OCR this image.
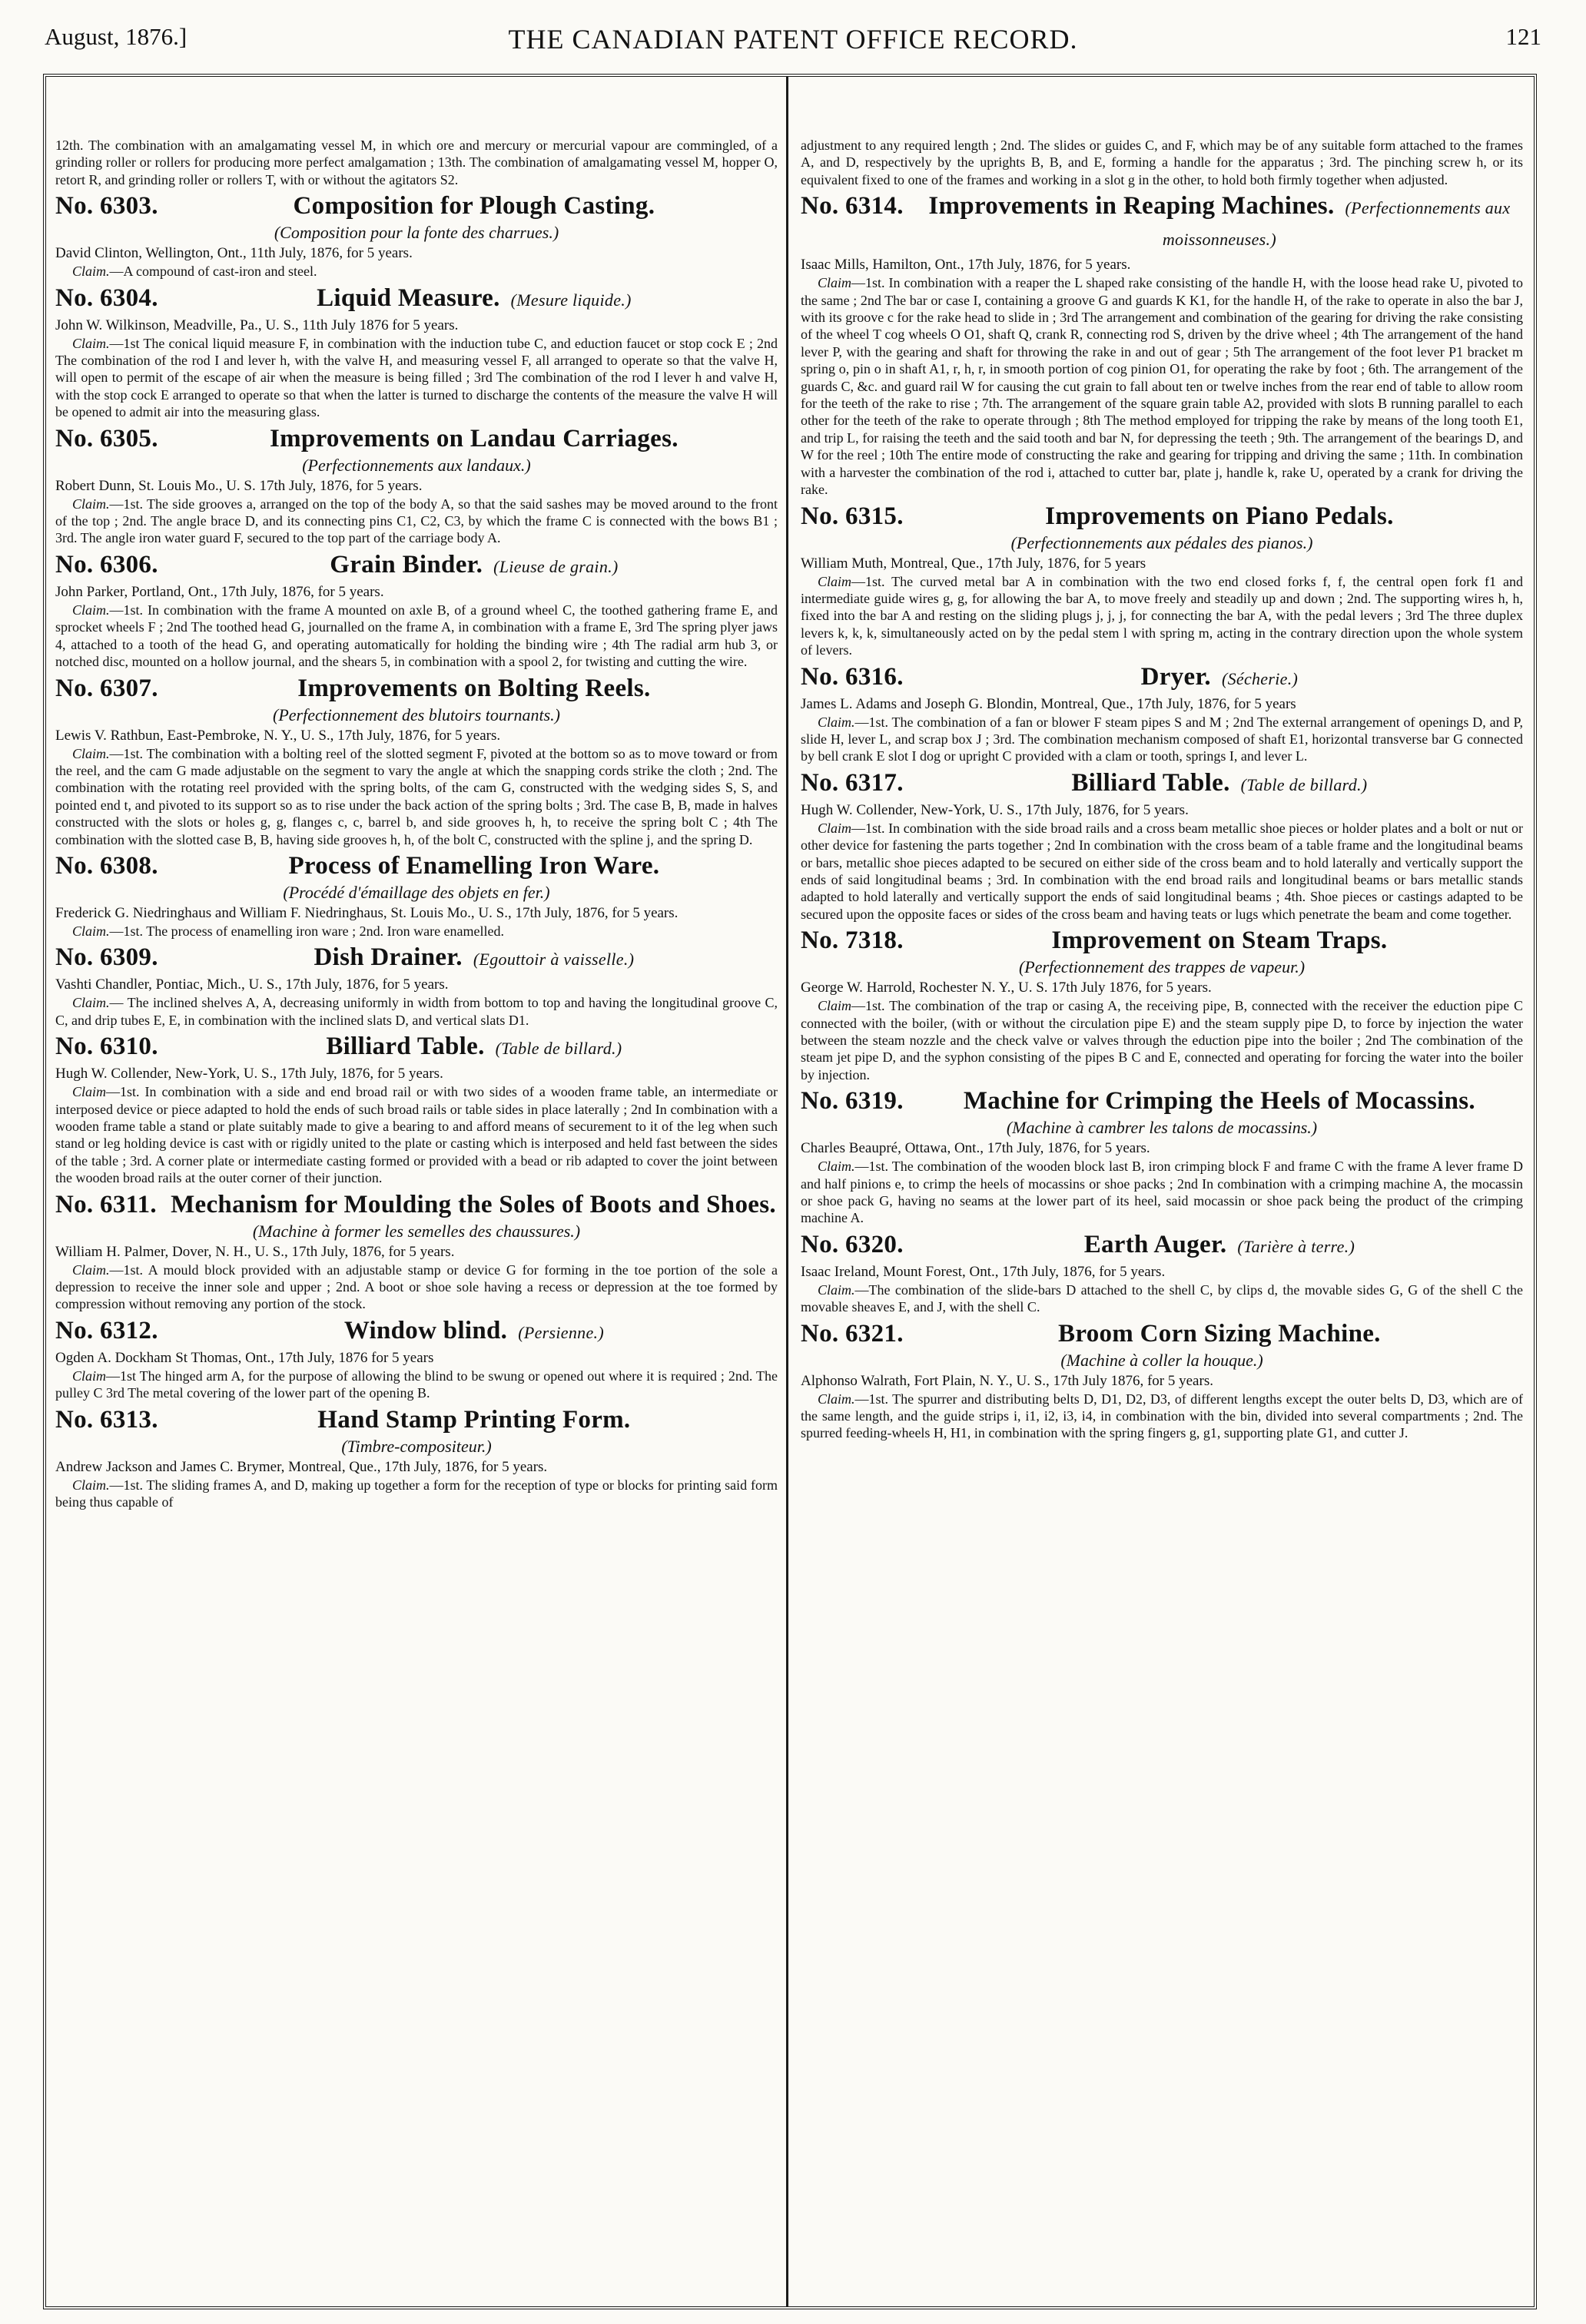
August, 1876.]	THE CANADIAN PATENT OFFICE RECORD.	121

12th. The combination with an amalgamating vessel M, in which ore and mercury or mercurial vapour are commingled, of a grinding roller or rollers for producing more perfect amalgamation ; 13th. The combination of amalgamating vessel M, hopper O, retort R, and grinding roller or rollers T, with or without the agitators S2.

No. 6303.	Composition for Plough Casting.
(Composition pour la fonte des charrues.)
David Clinton, Wellington, Ont., 11th July, 1876, for 5 years.
Claim.—A compound of cast-iron and steel.
No. 6304.	Liquid Measure. (Mesure liquide.)
John W. Wilkinson, Meadville, Pa., U. S., 11th July 1876 for 5 years.
Claim.—1st The conical liquid measure F, in combination with the induction tube C, and eduction faucet or stop cock E ; 2nd The combination of the rod I and lever h, with the valve H, and measuring vessel F, all arranged to operate so that the valve H, will open to permit of the escape of air when the measure is being filled ; 3rd The combination of the rod I lever h and valve H, with the stop cock E arranged to operate so that when the latter is turned to discharge the contents of the measure the valve H will be opened to admit air into the measuring glass.
No. 6305.	Improvements on Landau Carriages.
(Perfectionnements aux landaux.)
Robert Dunn, St. Louis Mo., U. S. 17th July, 1876, for 5 years.
Claim.—1st. The side grooves a, arranged on the top of the body A, so that the said sashes may be moved around to the front of the top ; 2nd. The angle brace D, and its connecting pins C1, C2, C3, by which the frame C is connected with the bows B1 ; 3rd. The angle iron water guard F, secured to the top part of the carriage body A.
No. 6306.	Grain Binder. (Lieuse de grain.)
John Parker, Portland, Ont., 17th July, 1876, for 5 years.
Claim.—1st. In combination with the frame A mounted on axle B, of a ground wheel C, the toothed gathering frame E, and sprocket wheels F ; 2nd The toothed head G, journalled on the frame A, in combination with a frame E, 3rd The spring plyer jaws 4, attached to a tooth of the head G, and operating automatically for holding the binding wire ; 4th The radial arm hub 3, or notched disc, mounted on a hollow journal, and the shears 5, in combination with a spool 2, for twisting and cutting the wire.
No. 6307.	Improvements on Bolting Reels.
(Perfectionnement des blutoirs tournants.)
Lewis V. Rathbun, East-Pembroke, N. Y., U. S., 17th July, 1876, for 5 years.
Claim.—1st. The combination with a bolting reel of the slotted segment F, pivoted at the bottom so as to move toward or from the reel, and the cam G made adjustable on the segment to vary the angle at which the snapping cords strike the cloth ; 2nd. The combination with the rotating reel provided with the spring bolts, of the cam G, constructed with the wedging sides S, S, and pointed end t, and pivoted to its support so as to rise under the back action of the spring bolts ; 3rd. The case B, B, made in halves constructed with the slots or holes g, g, flanges c, c, barrel b, and side grooves h, h, to receive the spring bolt C ; 4th The combination with the slotted case B, B, having side grooves h, h, of the bolt C, constructed with the spline j, and the spring D.
No. 6308.	Process of Enamelling Iron Ware.
(Procédé d'émaillage des objets en fer.)
Frederick G. Niedringhaus and William F. Niedringhaus, St. Louis Mo., U. S., 17th July, 1876, for 5 years.
Claim.—1st. The process of enamelling iron ware ; 2nd. Iron ware enamelled.
No. 6309.	Dish Drainer. (Egouttoir à vaisselle.)
Vashti Chandler, Pontiac, Mich., U. S., 17th July, 1876, for 5 years.
Claim.— The inclined shelves A, A, decreasing uniformly in width from bottom to top and having the longitudinal groove C, C, and drip tubes E, E, in combination with the inclined slats D, and vertical slats D1.
No. 6310.	Billiard Table. (Table de billard.)
Hugh W. Collender, New-York, U. S., 17th July, 1876, for 5 years.
Claim—1st. In combination with a side and end broad rail or with two sides of a wooden frame table, an intermediate or interposed device or piece adapted to hold the ends of such broad rails or table sides in place laterally ; 2nd In combination with a wooden frame table a stand or plate suitably made to give a bearing to and afford means of securement to it of the leg when such stand or leg holding device is cast with or rigidly united to the plate or casting which is interposed and held fast between the sides of the table ; 3rd. A corner plate or intermediate casting formed or provided with a bead or rib adapted to cover the joint between the wooden broad rails at the outer corner of their junction.
No. 6311. Mechanism for Moulding the Soles of Boots and Shoes.
(Machine à former les semelles des chaussures.)
William H. Palmer, Dover, N. H., U. S., 17th July, 1876, for 5 years.
Claim.—1st. A mould block provided with an adjustable stamp or device G for forming in the toe portion of the sole a depression to receive the inner sole and upper ; 2nd. A boot or shoe sole having a recess or depression at the toe formed by compression without removing any portion of the stock.
No. 6312.	Window blind. (Persienne.)
Ogden A. Dockham St Thomas, Ont., 17th July, 1876 for 5 years
Claim—1st The hinged arm A, for the purpose of allowing the blind to be swung or opened out where it is required ; 2nd. The pulley C 3rd The metal covering of the lower part of the opening B.
No. 6313.	Hand Stamp Printing Form.
(Timbre-compositeur.)
Andrew Jackson and James C. Brymer, Montreal, Que., 17th July, 1876, for 5 years.
Claim.—1st. The sliding frames A, and D, making up together a form for the reception of type or blocks for printing said form being thus capable of

adjustment to any required length ; 2nd. The slides or guides C, and F, which may be of any suitable form attached to the frames A, and D, respectively by the uprights B, B, and E, forming a handle for the apparatus ; 3rd. The pinching screw h, or its equivalent fixed to one of the frames and working in a slot g in the other, to hold both firmly together when adjusted.

No. 6314. Improvements in Reaping Machines. (Perfectionnements aux moissonneuses.)
Isaac Mills, Hamilton, Ont., 17th July, 1876, for 5 years.
Claim—1st. In combination with a reaper the L shaped rake consisting of the handle H, with the loose head rake U, pivoted to the same ; 2nd The bar or case I, containing a groove G and guards K K1, for the handle H, of the rake to operate in also the bar J, with its groove c for the rake head to slide in ; 3rd The arrangement and combination of the gearing for driving the rake consisting of the wheel T cog wheels O O1, shaft Q, crank R, connecting rod S, driven by the drive wheel ; 4th The arrangement of the hand lever P, with the gearing and shaft for throwing the rake in and out of gear ; 5th The arrangement of the foot lever P1 bracket m spring o, pin o in shaft A1, r, h, r, in smooth portion of cog pinion O1, for operating the rake by foot ; 6th. The arrangement of the guards C, &c. and guard rail W for causing the cut grain to fall about ten or twelve inches from the rear end of table to allow room for the teeth of the rake to rise ; 7th. The arrangement of the square grain table A2, provided with slots B running parallel to each other for the teeth of the rake to operate through ; 8th The method employed for tripping the rake by means of the long tooth E1, and trip L, for raising the teeth and the said tooth and bar N, for depressing the teeth ; 9th. The arrangement of the bearings D, and W for the reel ; 10th The entire mode of constructing the rake and gearing for tripping and driving the same ; 11th. In combination with a harvester the combination of the rod i, attached to cutter bar, plate j, handle k, rake U, operated by a crank for driving the rake.
No. 6315.	Improvements on Piano Pedals.
(Perfectionnements aux pédales des pianos.)
William Muth, Montreal, Que., 17th July, 1876, for 5 years
Claim—1st. The curved metal bar A in combination with the two end closed forks f, f, the central open fork f1 and intermediate guide wires g, g, for allowing the bar A, to move freely and steadily up and down ; 2nd. The supporting wires h, h, fixed into the bar A and resting on the sliding plugs j, j, j, for connecting the bar A, with the pedal levers ; 3rd The three duplex levers k, k, k, simultaneously acted on by the pedal stem l with spring m, acting in the contrary direction upon the whole system of levers.
No. 6316.	Dryer. (Sécherie.)
James L. Adams and Joseph G. Blondin, Montreal, Que., 17th July, 1876, for 5 years
Claim.—1st. The combination of a fan or blower F steam pipes S and M ; 2nd The external arrangement of openings D, and P, slide H, lever L, and scrap box J ; 3rd. The combination mechanism composed of shaft E1, horizontal transverse bar G connected by bell crank E slot I dog or upright C provided with a clam or tooth, springs I, and lever L.
No. 6317.	Billiard Table. (Table de billard.)
Hugh W. Collender, New-York, U. S., 17th July, 1876, for 5 years.
Claim—1st. In combination with the side broad rails and a cross beam metallic shoe pieces or holder plates and a bolt or nut or other device for fastening the parts together ; 2nd In combination with the cross beam of a table frame and the longitudinal beams or bars, metallic shoe pieces adapted to be secured on either side of the cross beam and to hold laterally and vertically support the ends of said longitudinal beams ; 3rd. In combination with the end broad rails and longitudinal beams or bars metallic stands adapted to hold laterally and vertically support the ends of said longitudinal beams ; 4th. Shoe pieces or castings adapted to be secured upon the opposite faces or sides of the cross beam and having teats or lugs which penetrate the beam and come together.
No. 7318.	Improvement on Steam Traps.
(Perfectionnement des trappes de vapeur.)
George W. Harrold, Rochester N. Y., U. S. 17th July 1876, for 5 years.
Claim—1st. The combination of the trap or casing A, the receiving pipe, B, connected with the receiver the eduction pipe C connected with the boiler, (with or without the circulation pipe E) and the steam supply pipe D, to force by injection the water between the steam nozzle and the check valve or valves through the eduction pipe into the boiler ; 2nd The combination of the steam jet pipe D, and the syphon consisting of the pipes B C and E, connected and operating for forcing the water into the boiler by injection.
No. 6319.	Machine for Crimping the Heels of Mocassins.
(Machine à cambrer les talons de mocassins.)
Charles Beaupré, Ottawa, Ont., 17th July, 1876, for 5 years.
Claim.—1st. The combination of the wooden block last B, iron crimping block F and frame C with the frame A lever frame D and half pinions e, to crimp the heels of mocassins or shoe packs ; 2nd In combination with a crimping machine A, the mocassin or shoe pack G, having no seams at the lower part of its heel, said mocassin or shoe pack being the product of the crimping machine A.
No. 6320.	Earth Auger. (Tarière à terre.)
Isaac Ireland, Mount Forest, Ont., 17th July, 1876, for 5 years.
Claim.—The combination of the slide-bars D attached to the shell C, by clips d, the movable sides G, G of the shell C the movable sheaves E, and J, with the shell C.
No. 6321.	Broom Corn Sizing Machine.
(Machine à coller la houque.)
Alphonso Walrath, Fort Plain, N. Y., U. S., 17th July 1876, for 5 years.
Claim.—1st. The spurrer and distributing belts D, D1, D2, D3, of different lengths except the outer belts D, D3, which are of the same length, and the guide strips i, i1, i2, i3, i4, in combination with the bin, divided into several compartments ; 2nd. The spurred feeding-wheels H, H1, in combination with the spring fingers g, g1, supporting plate G1, and cutter J.
